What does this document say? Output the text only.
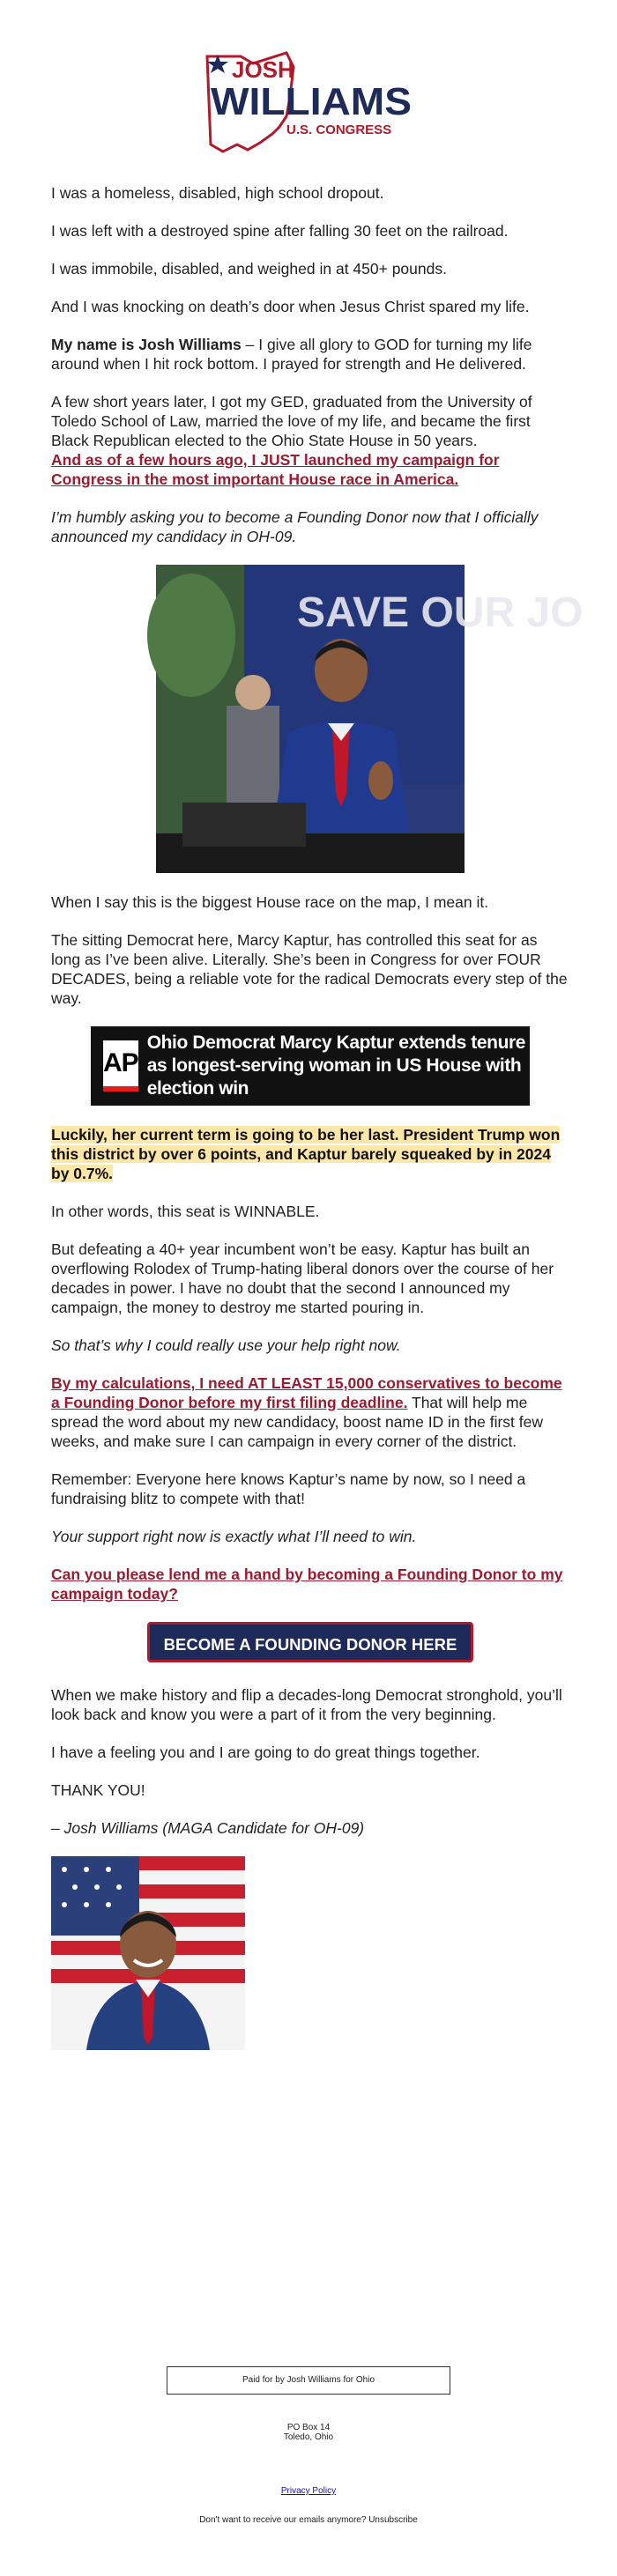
JOSH
WILLIAMS
U.S. CONGRESS

I was a homeless, disabled, high school dropout.

I was left with a destroyed spine after falling 30 feet on the railroad.

I was immobile, disabled, and weighed in at 450+ pounds.

And I was knocking on death’s door when Jesus Christ spared my life.

My name is Josh Williams – I give all glory to GOD for turning my life around when I hit rock bottom. I prayed for strength and He delivered.

A few short years later, I got my GED, graduated from the University of Toledo School of Law, married the love of my life, and became the first Black Republican elected to the Ohio State House in 50 years.

And as of a few hours ago, I JUST launched my campaign for Congress in the most important House race in America.

I’m humbly asking you to become a Founding Donor now that I officially announced my candidacy in OH-09.

SAVE OUR JO

When I say this is the biggest House race on the map, I mean it.

The sitting Democrat here, Marcy Kaptur, has controlled this seat for as long as I’ve been alive. Literally. She’s been in Congress for over FOUR DECADES, being a reliable vote for the radical Democrats every step of the way.

AP
Ohio Democrat Marcy Kaptur extends tenure as longest-serving woman in US House with election win

Luckily, her current term is going to be her last. President Trump won this district by over 6 points, and Kaptur barely squeaked by in 2024 by 0.7%.

In other words, this seat is WINNABLE.

But defeating a 40+ year incumbent won’t be easy. Kaptur has built an overflowing Rolodex of Trump-hating liberal donors over the course of her decades in power. I have no doubt that the second I announced my campaign, the money to destroy me started pouring in.

So that’s why I could really use your help right now.

By my calculations, I need AT LEAST 15,000 conservatives to become a Founding Donor before my first filing deadline. That will help me spread the word about my new candidacy, boost name ID in the first few weeks, and make sure I can campaign in every corner of the district.

Remember: Everyone here knows Kaptur’s name by now, so I need a fundraising blitz to compete with that!

Your support right now is exactly what I’ll need to win.

Can you please lend me a hand by becoming a Founding Donor to my campaign today?

BECOME A FOUNDING DONOR HERE

When we make history and flip a decades-long Democrat stronghold, you’ll look back and know you were a part of it from the very beginning.

I have a feeling you and I are going to do great things together.

THANK YOU!

– Josh Williams (MAGA Candidate for OH-09)

Paid for by Josh Williams for Ohio
PO Box 14
Toledo, Ohio
Privacy Policy
Don't want to receive our emails anymore? Unsubscribe
